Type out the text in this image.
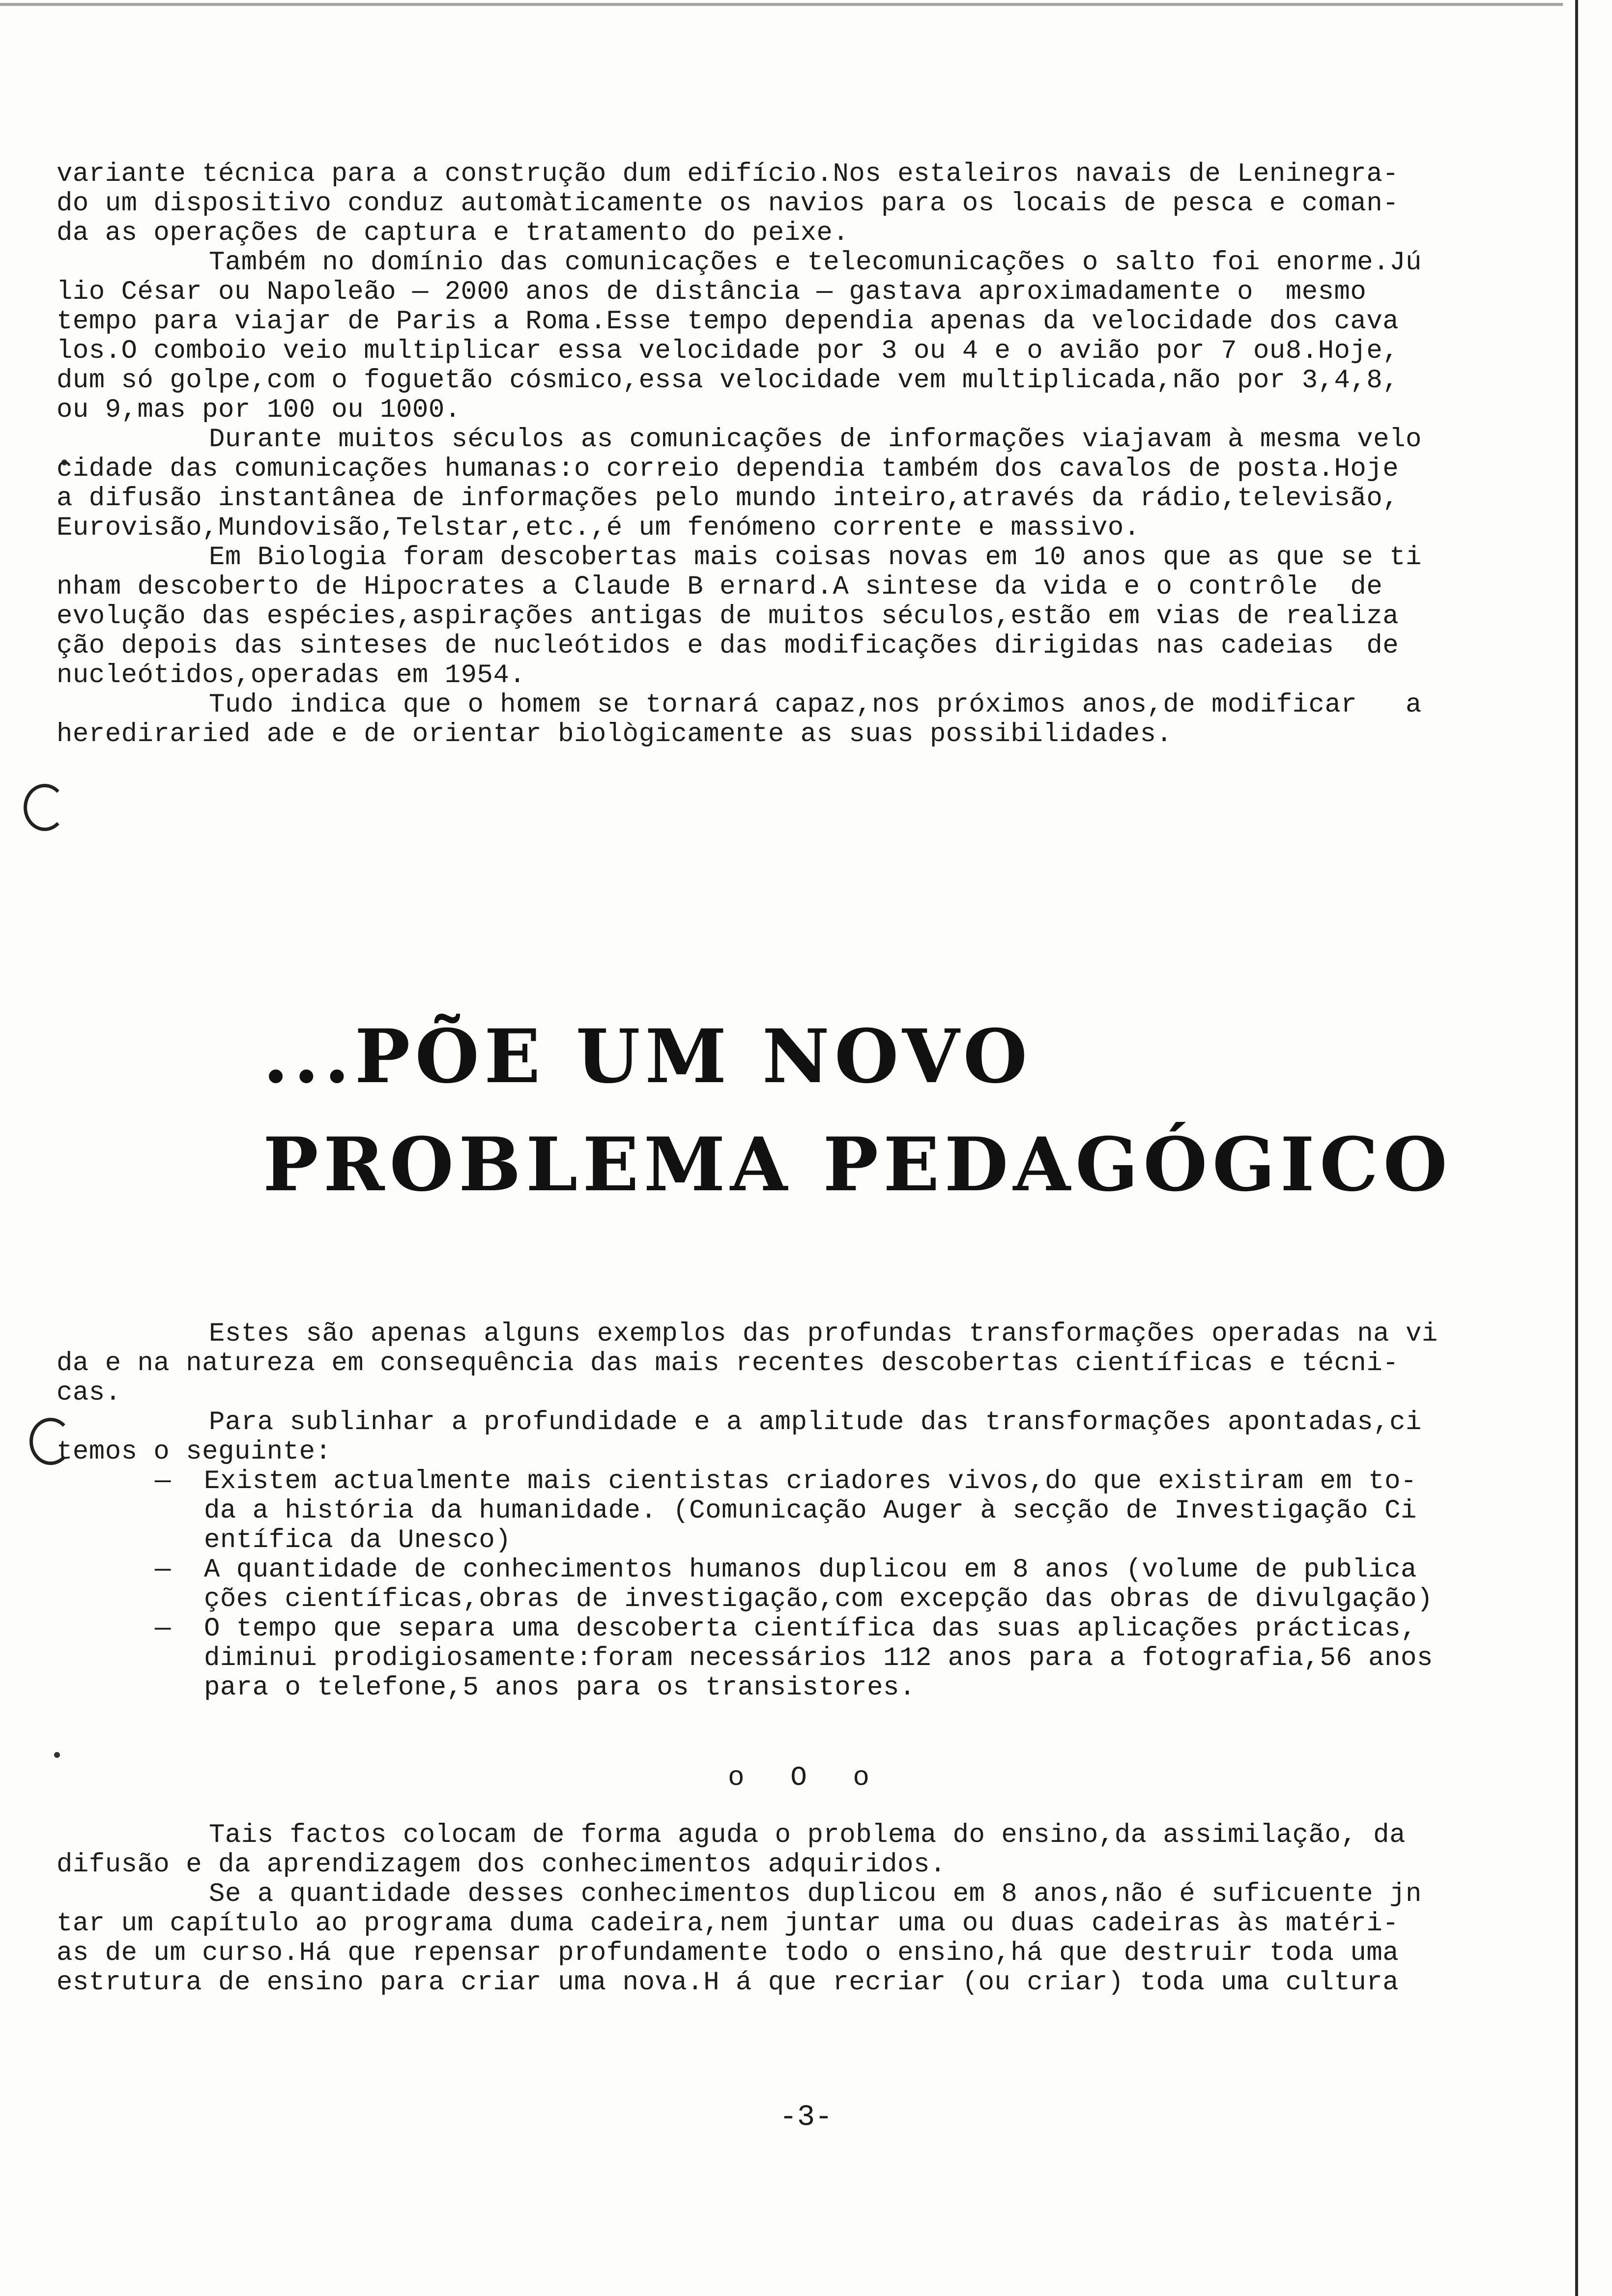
variante técnica para a construção dum edifício.Nos estaleiros navais de Leninegra-

do um dispositivo conduz automàticamente os navios para os locais de pesca e coman-

da as operações de captura e tratamento do peixe.

Também no domínio das comunicações e telecomunicações o salto foi enorme.Jú

lio César ou Napoleão — 2000 anos de distância — gastava aproximadamente o  mesmo

tempo para viajar de Paris a Roma.Esse tempo dependia apenas da velocidade dos cava

los.O comboio veio multiplicar essa velocidade por 3 ou 4 e o avião por 7 ou8.Hoje,

dum só golpe,com o foguetão cósmico,essa velocidade vem multiplicada,não por 3,4,8,

ou 9,mas por 100 ou 1000.

Durante muitos séculos as comunicações de informações viajavam à mesma velo

cidade das comunicações humanas:o correio dependia também dos cavalos de posta.Hoje

a difusão instantânea de informações pelo mundo inteiro,através da rádio,televisão,

Eurovisão,Mundovisão,Telstar,etc.,é um fenómeno corrente e massivo.

Em Biologia foram descobertas mais coisas novas em 10 anos que as que se ti

nham descoberto de Hipocrates a Claude B ernard.A sintese da vida e o contrôle  de

evolução das espécies,aspirações antigas de muitos séculos,estão em vias de realiza

ção depois das sinteses de nucleótidos e das modificações dirigidas nas cadeias  de

nucleótidos,operadas em 1954.

Tudo indica que o homem se tornará capaz,nos próximos anos,de modificar   a

herediraried ade e de orientar biològicamente as suas possibilidades.

...PÕE UM NOVO

PROBLEMA PEDAGÓGICO

Estes são apenas alguns exemplos das profundas transformações operadas na vi

da e na natureza em consequência das mais recentes descobertas científicas e técni-

cas.

Para sublinhar a profundidade e a amplitude das transformações apontadas,ci

temos o seguinte:

— Existem actualmente mais cientistas criadores vivos,do que existiram em to-

da a história da humanidade. (Comunicação Auger à secção de Investigação Ci

entífica da Unesco)

— A quantidade de conhecimentos humanos duplicou em 8 anos (volume de publica

ções científicas,obras de investigação,com excepção das obras de divulgação)

— O tempo que separa uma descoberta científica das suas aplicações prácticas,

diminui prodigiosamente:foram necessários 112 anos para a fotografia,56 anos

para o telefone,5 anos para os transistores.

o O o

Tais factos colocam de forma aguda o problema do ensino,da assimilação, da

difusão e da aprendizagem dos conhecimentos adquiridos.

Se a quantidade desses conhecimentos duplicou em 8 anos,não é suficuente jn

tar um capítulo ao programa duma cadeira,nem juntar uma ou duas cadeiras às matéri-

as de um curso.Há que repensar profundamente todo o ensino,há que destruir toda uma

estrutura de ensino para criar uma nova.H á que recriar (ou criar) toda uma cultura

-3-
